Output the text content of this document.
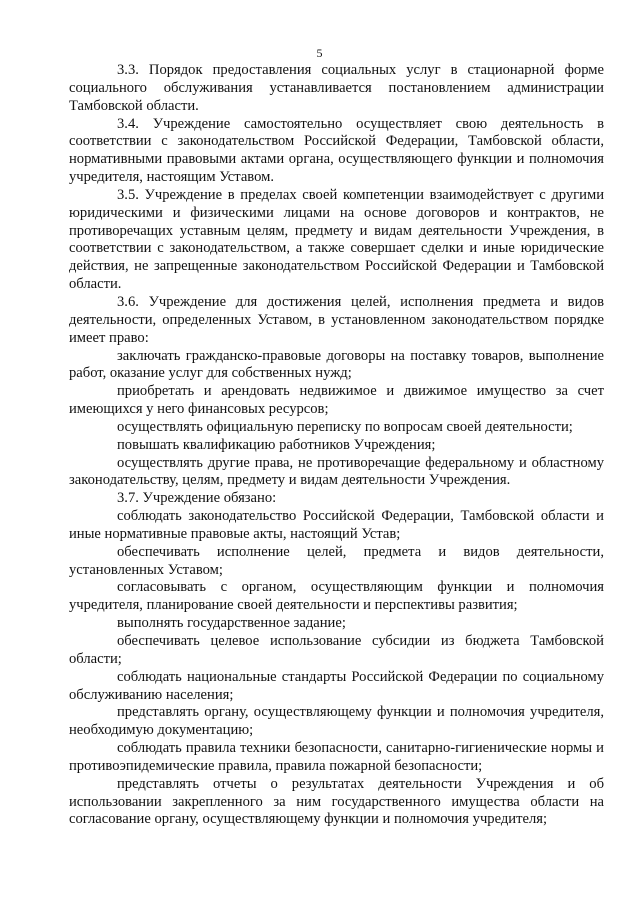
5

3.3. Порядок предоставления социальных услуг в стационарной форме социального обслуживания устанавливается постановлением администрации Тамбовской области.

3.4. Учреждение самостоятельно осуществляет свою деятельность в соответствии с законодательством Российской Федерации, Тамбовской области, нормативными правовыми актами органа, осуществляющего функции и полномочия учредителя, настоящим Уставом.

3.5. Учреждение в пределах своей компетенции взаимодействует с другими юридическими и физическими лицами на основе договоров и контрактов, не противоречащих уставным целям, предмету и видам деятельности Учреждения, в соответствии с законодательством, а также совершает сделки и иные юридические действия, не запрещенные законодательством Российской Федерации и Тамбовской области.

3.6. Учреждение для достижения целей, исполнения предмета и видов деятельности, определенных Уставом, в установленном законодательством порядке имеет право:

заключать гражданско-правовые договоры на поставку товаров, выполнение работ, оказание услуг для собственных нужд;

приобретать и арендовать недвижимое и движимое имущество за счет имеющихся у него финансовых ресурсов;

осуществлять официальную переписку по вопросам своей деятельности;

повышать квалификацию работников Учреждения;

осуществлять другие права, не противоречащие федеральному и областному законодательству, целям, предмету и видам деятельности Учреждения.

3.7. Учреждение обязано:

соблюдать законодательство Российской Федерации, Тамбовской области и иные нормативные правовые акты, настоящий Устав;

обеспечивать исполнение целей, предмета и видов деятельности, установленных Уставом;

согласовывать с органом, осуществляющим функции и полномочия учредителя, планирование своей деятельности и перспективы развития;

выполнять государственное задание;

обеспечивать целевое использование субсидии из бюджета Тамбовской области;

соблюдать национальные стандарты Российской Федерации по социальному обслуживанию населения;

представлять органу, осуществляющему функции и полномочия учредителя, необходимую документацию;

соблюдать правила техники безопасности, санитарно-гигиенические нормы и противоэпидемические правила, правила пожарной безопасности;

представлять отчеты о результатах деятельности Учреждения и об использовании закрепленного за ним государственного имущества области на согласование органу, осуществляющему функции и полномочия учредителя;
